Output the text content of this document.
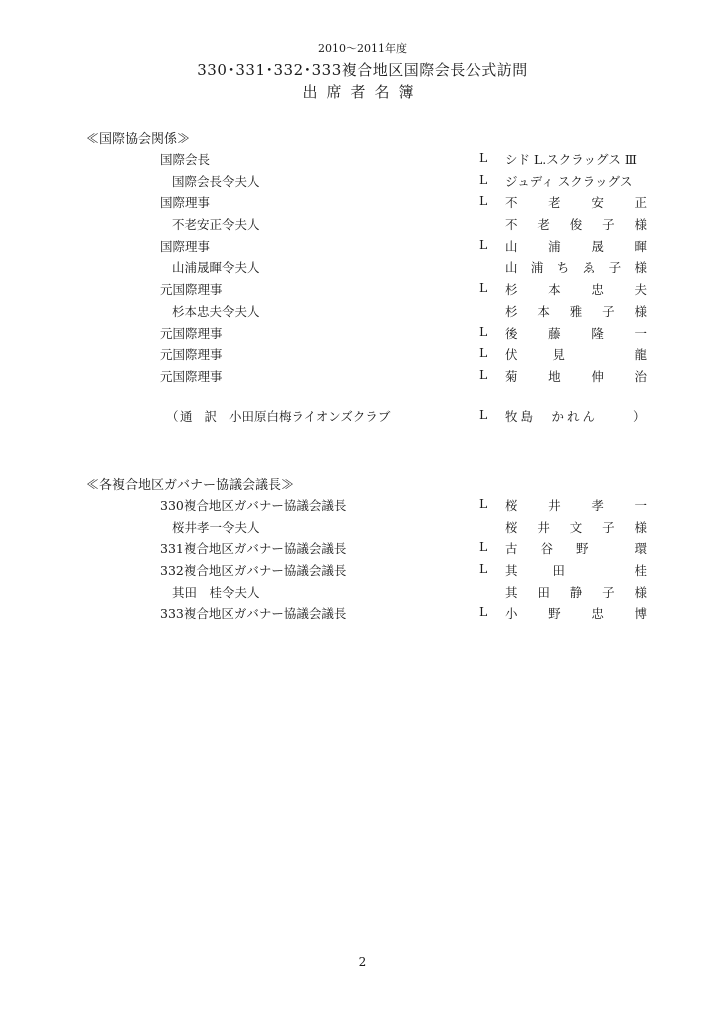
2010～2011年度
330･331･332･333複合地区国際会長公式訪問
出席者名簿
≪国際協会関係≫
国際会長	L シド L.スクラッグス Ⅲ
国際会長令夫人	L ジュディ スクラッグス
国際理事	L 不 老 安 正
不老安正令夫人	不 老 俊 子 様
国際理事	L 山 浦 晟 暉
山浦晟暉令夫人	山 浦 ち ゑ 子 様
元国際理事	L 杉 本 忠 夫
杉本忠夫令夫人	杉 本 雅 子 様
元国際理事	L 後 藤 隆 一
元国際理事	L 伏	見	龍
元国際理事	L 菊 地 伸 治
（ 通訳 小田原白梅ライオンズクラブ	L 牧島　かれん	）
≪各複合地区ガバナー協議会議長≫
330複合地区ガバナー協議会議長	L 桜 井 孝 一
桜井孝一令夫人	桜 井 文 子 様
331複合地区ガバナー協議会議長	L 古 谷 野	環
332複合地区ガバナー協議会議長	L 其	田	桂
其田　桂令夫人	其 田 静 子 様
333複合地区ガバナー協議会議長	L 小 野 忠 博
2
